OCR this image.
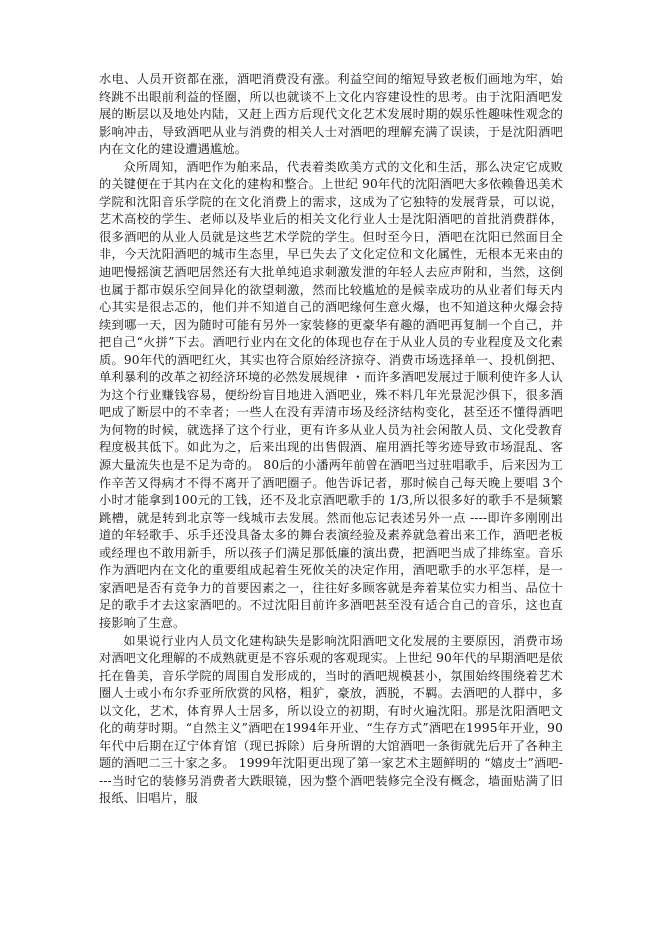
水电、人员开资都在涨，酒吧消费没有涨。利益空间的缩短导致老板们画地为牢，始终跳不出眼前利益的怪圈，所以也就谈不上文化内容建设性的思考。由于沈阳酒吧发展的断层以及地处内陆，又赶上西方后现代文化艺术发展时期的娱乐性趣味性观念的影响冲击，导致酒吧从业与消费的相关人士对酒吧的理解充满了误读，于是沈阳酒吧内在文化的建设遭遇尴尬。

众所周知，酒吧作为舶来品，代表着类欧美方式的文化和生活，那么决定它成败的关键便在于其内在文化的建构和整合。上世纪 90年代的沈阳酒吧大多依赖鲁迅美术学院和沈阳音乐学院的在文化消费上的需求，这成为了它独特的发展背景，可以说，艺术高校的学生、老师以及毕业后的相关文化行业人士是沈阳酒吧的首批消费群体，很多酒吧的从业人员就是这些艺术学院的学生。但时至今日，酒吧在沈阳已然面目全非，今天沈阳酒吧的城市生态里，早已失去了文化定位和文化属性，无根本无来由的迪吧慢摇演艺酒吧居然还有大批单纯追求刺激发泄的年轻人去应声附和，当然，这倒也属于都市娱乐空间异化的欲望刺激，然而比较尴尬的是候幸成功的从业者们每天内心其实是很忐忑的，他们并不知道自己的酒吧缘何生意火爆，也不知道这种火爆会持续到哪一天，因为随时可能有另外一家装修的更豪华有趣的酒吧再复制一个自己，并把自己“火拼”下去。酒吧行业内在文化的体现也存在于从业人员的专业程度及文化素质。90年代的酒吧红火，其实也符合原始经济掠夺、消费市场选择单一、投机倒把、单利暴利的改革之初经济环境的必然发展规律 ・而许多酒吧发展过于顺利使许多人认为这个行业赚钱容易，便纷纷盲目地进入酒吧业，殊不料几年光景泥沙俱下，很多酒吧成了断层中的不幸者；一些人在没有弄清市场及经济结构变化，甚至还不懂得酒吧为何物的时候，就选择了这个行业，更有许多从业人员为社会闲散人员、文化受教育程度极其低下。如此为之，后来出现的出售假酒、雇用酒托等劣迹导致市场混乱、客源大量流失也是不足为奇的。 80后的小潘两年前曾在酒吧当过驻唱歌手，后来因为工作辛苦又得病才不得不离开了酒吧圈子。他告诉记者，那时候自己每天晚上要唱 3个小时才能拿到100元的工钱，还不及北京酒吧歌手的 1/3,所以很多好的歌手不是频繁跳槽，就是转到北京等一线城市去发展。然而他忘记表述另外一点 ----即许多刚刚出道的年轻歌手、乐手还没具备太多的舞台表演经验及素养就急着出来工作，酒吧老板或经理也不敢用新手，所以孩子们满足那低廉的演出费，把酒吧当成了排练室。音乐作为酒吧内在文化的重要组成起着生死攸关的决定作用，酒吧歌手的水平怎样，是一家酒吧是否有竞争力的首要因素之一，往往好多顾客就是奔着某位实力相当、品位十足的歌手才去这家酒吧的。不过沈阳目前许多酒吧甚至没有适合自己的音乐，这也直接影响了生意。

如果说行业内人员文化建构缺失是影响沈阳酒吧文化发展的主要原因，消费市场对酒吧文化理解的不成熟就更是不容乐观的客观现实。上世纪 90年代的早期酒吧是依托在鲁美，音乐学院的周围自发形成的，当时的酒吧规模甚小，氛围始终围绕着艺术圈人士或小布尔乔亚所欣赏的风格，粗犷，豪放，洒脱，不羁。去酒吧的人群中，多以文化，艺术，体育界人士居多，所以设立的初期，有时火遍沈阳。那是沈阳酒吧文化的萌芽时期。“自然主义”酒吧在1994年开业、“生存方式”酒吧在1995年开业，90年代中后期在辽宁体育馆（现已拆除）后身所谓的大馆酒吧一条街就先后开了各种主题的酒吧二三十家之多。 1999年沈阳更出现了第一家艺术主题鲜明的 “嬉皮士”酒吧----当时它的装修另消费者大跌眼镜，因为整个酒吧装修完全没有概念，墙面贴满了旧报纸、旧唱片，服
